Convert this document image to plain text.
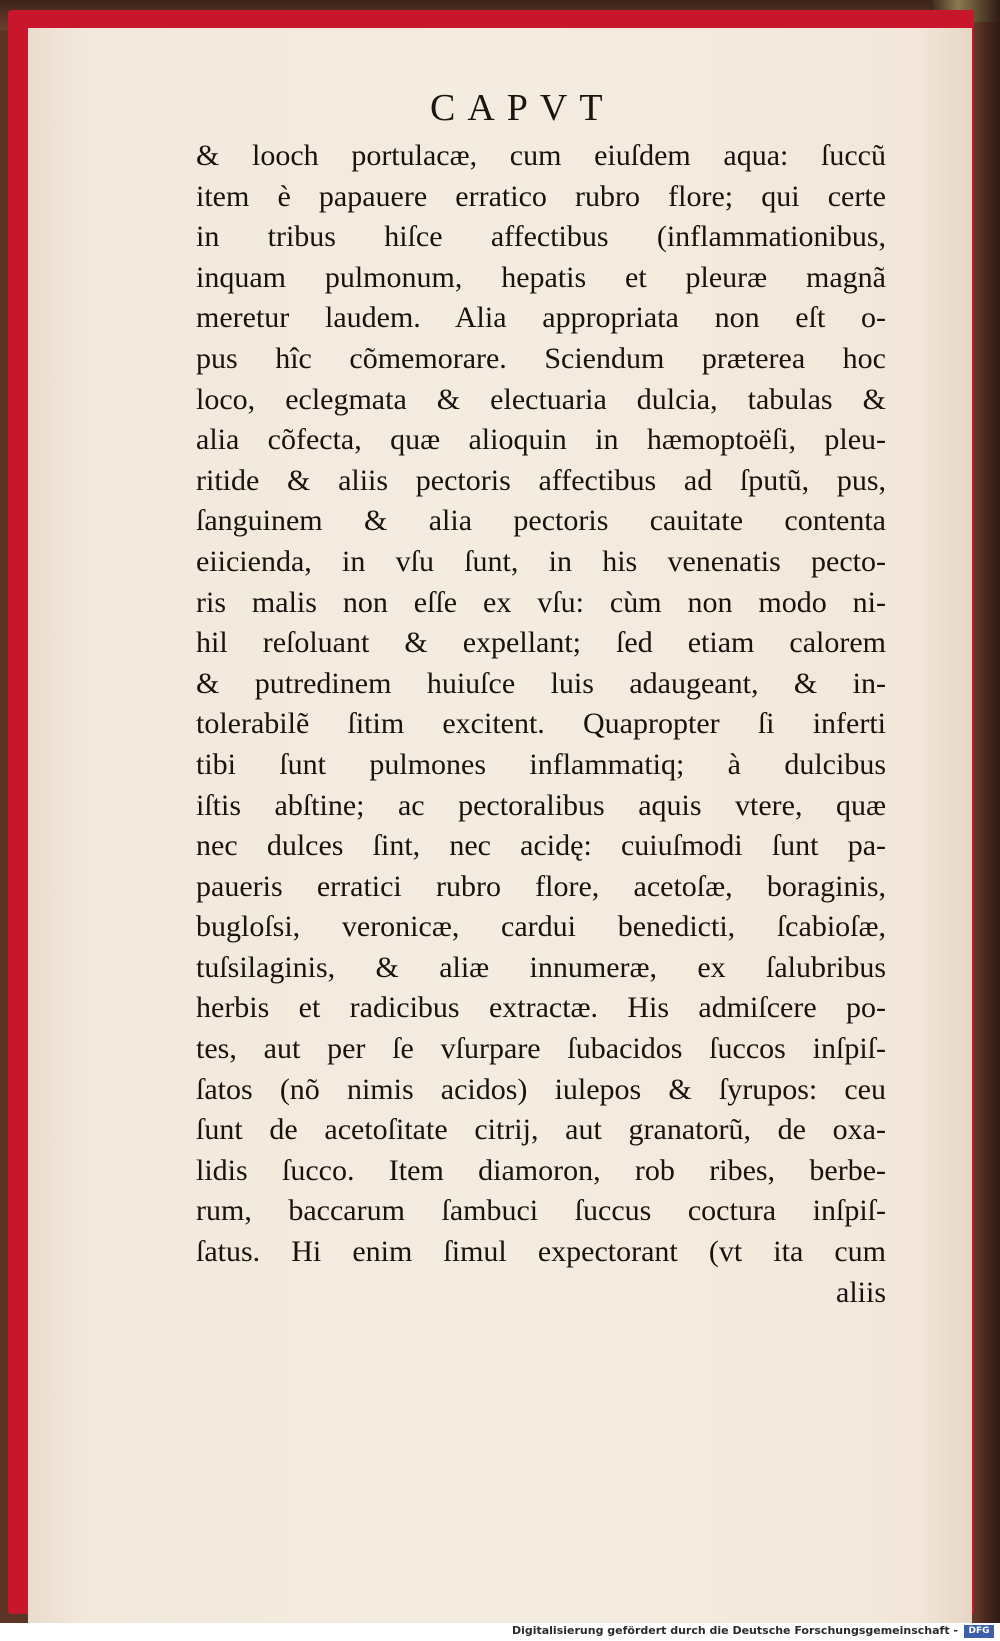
CAPVT
& looch portulacæ, cum eiuſdem aqua: ſuccũ
item è papauere erratico rubro flore; qui certe
in tribus hiſce affectibus (inflammationibus,
inquam pulmonum, hepatis et pleuræ magnã
meretur laudem. Alia appropriata non eſt o-
pus hîc cõmemorare. Sciendum præterea hoc
loco, eclegmata & electuaria dulcia, tabulas &
alia cõfecta, quæ alioquin in hæmoptoëſi, pleu-
ritide & aliis pectoris affectibus ad ſputũ, pus,
ſanguinem & alia pectoris cauitate contenta
eiicienda, in vſu ſunt, in his venenatis pecto-
ris malis non eſſe ex vſu: cùm non modo ni-
hil reſoluant & expellant; ſed etiam calorem
& putredinem huiuſce luis adaugeant, & in-
tolerabilẽ ſitim excitent. Quapropter ſi inferti
tibi ſunt pulmones inflammatiq; à dulcibus
iſtis abſtine; ac pectoralibus aquis vtere, quæ
nec dulces ſint, nec acidę: cuiuſmodi ſunt pa-
paueris erratici rubro flore, acetoſæ, boraginis,
bugloſsi, veronicæ, cardui benedicti, ſcabioſæ,
tuſsilaginis, & aliæ innumeræ, ex ſalubribus
herbis et radicibus extractæ. His admiſcere po-
tes, aut per ſe vſurpare ſubacidos ſuccos inſpiſ-
ſatos (nõ nimis acidos) iulepos & ſyrupos: ceu
ſunt de acetoſitate citrij, aut granatorũ, de oxa-
lidis ſucco. Item diamoron, rob ribes, berbe-
rum, baccarum ſambuci ſuccus coctura inſpiſ-
ſatus. Hi enim ſimul expectorant (vt ita cum
aliis
Digitalisierung gefördert durch die Deutsche Forschungsgemeinschaft -	DFG
